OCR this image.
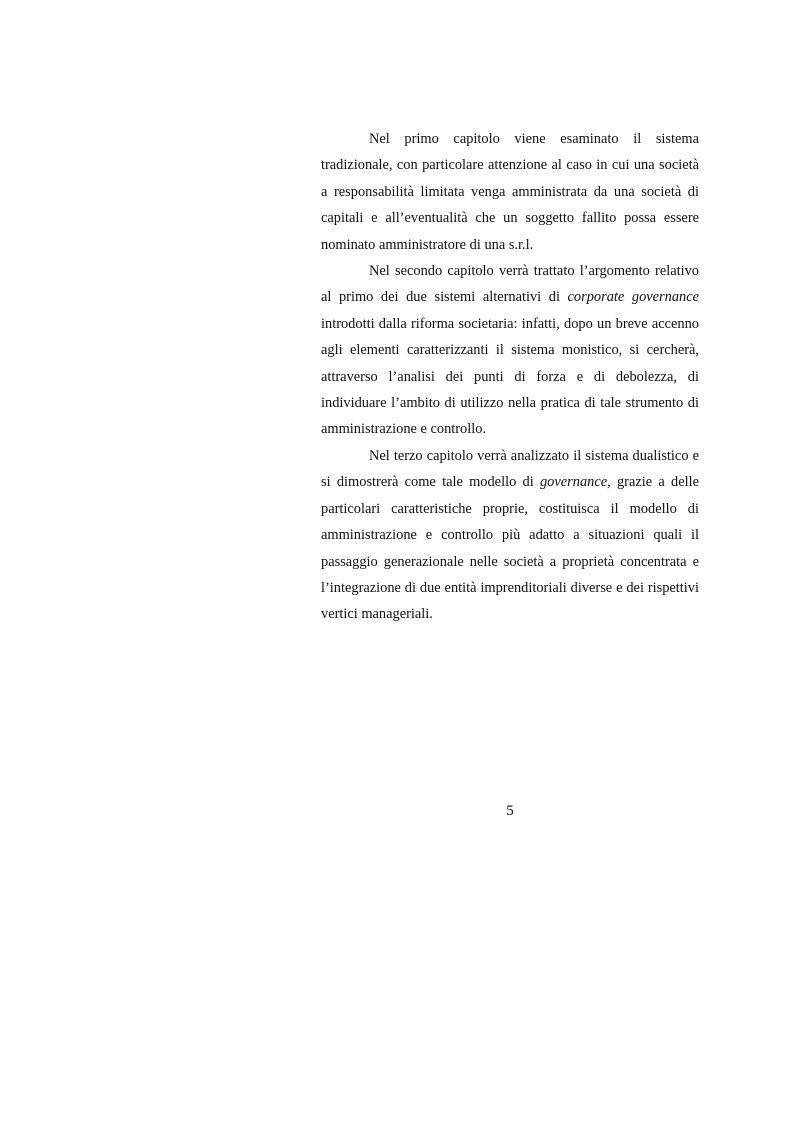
Nel primo capitolo viene esaminato il sistema tradizionale, con particolare attenzione al caso in cui una società a responsabilità limitata venga amministrata da una società di capitali e all’eventualità che un soggetto fallito possa essere nominato amministratore di una s.r.l.

Nel secondo capitolo verrà trattato l’argomento relativo al primo dei due sistemi alternativi di corporate governance introdotti dalla riforma societaria: infatti, dopo un breve accenno agli elementi caratterizzanti il sistema monistico, si cercherà, attraverso l’analisi dei punti di forza e di debolezza, di individuare l’ambito di utilizzo nella pratica di tale strumento di amministrazione e controllo.

Nel terzo capitolo verrà analizzato il sistema dualistico e si dimostrerà come tale modello di governance, grazie a delle particolari caratteristiche proprie, costituisca il modello di amministrazione e controllo più adatto a situazioni quali il passaggio generazionale nelle società a proprietà concentrata e l’integrazione di due entità imprenditoriali diverse e dei rispettivi vertici manageriali.

5
